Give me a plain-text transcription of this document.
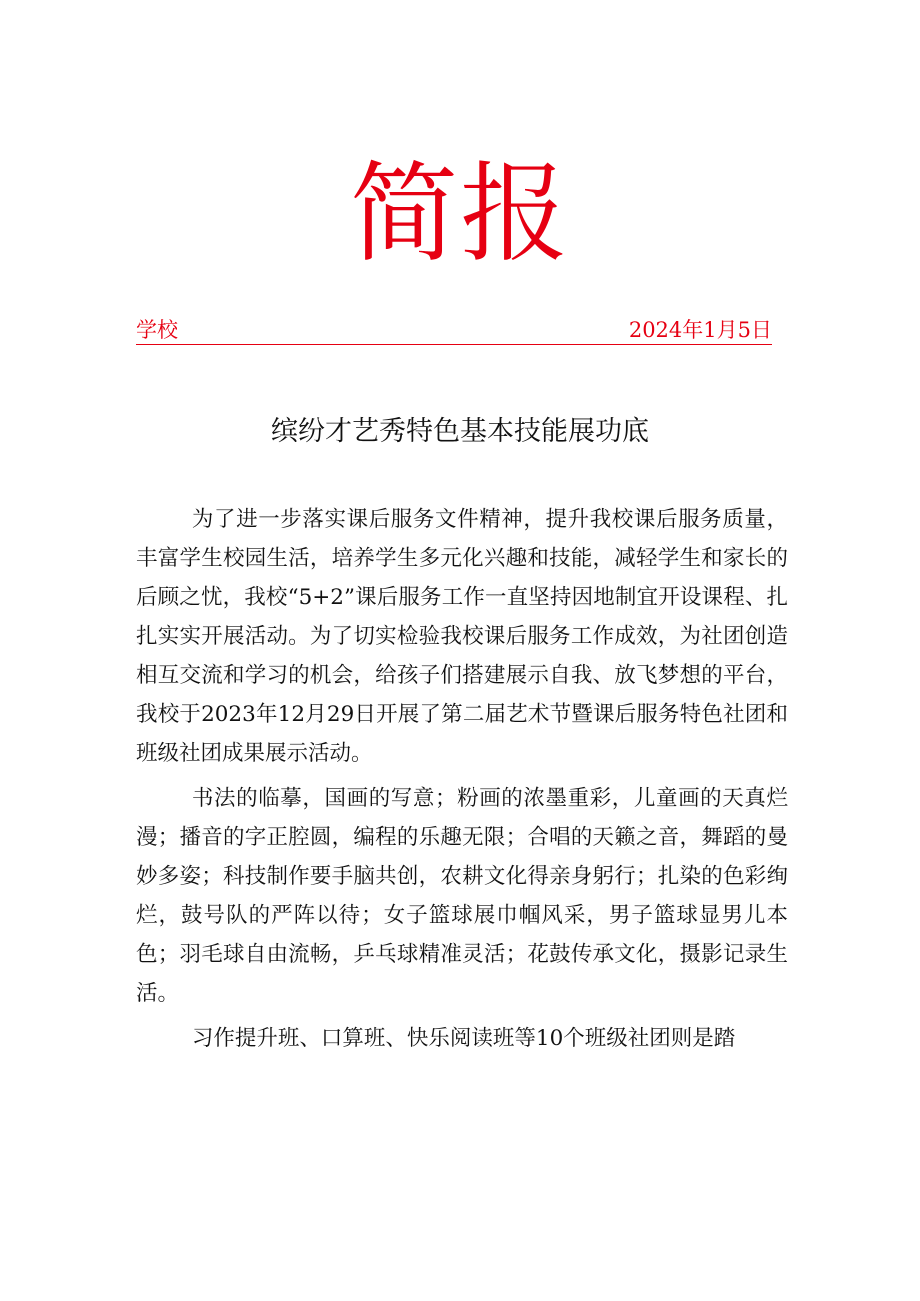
简报
学校	2024年1月5日
缤纷才艺秀特色基本技能展功底

为了进一步落实课后服务文件精神，提升我校课后服务质量，丰富学生校园生活，培养学生多元化兴趣和技能，减轻学生和家长的后顾之忧，我校“5+2”课后服务工作一直坚持因地制宜开设课程、扎扎实实开展活动。为了切实检验我校课后服务工作成效，为社团创造相互交流和学习的机会，给孩子们搭建展示自我、放飞梦想的平台，我校于2023年12月29日开展了第二届艺术节暨课后服务特色社团和班级社团成果展示活动。

书法的临摹，国画的写意；粉画的浓墨重彩，儿童画的天真烂漫；播音的字正腔圆，编程的乐趣无限；合唱的天籁之音，舞蹈的曼妙多姿；科技制作要手脑共创，农耕文化得亲身躬行；扎染的色彩绚烂，鼓号队的严阵以待；女子篮球展巾帼风采，男子篮球显男儿本色；羽毛球自由流畅，乒乓球精准灵活；花鼓传承文化，摄影记录生活。

习作提升班、口算班、快乐阅读班等10个班级社团则是踏
